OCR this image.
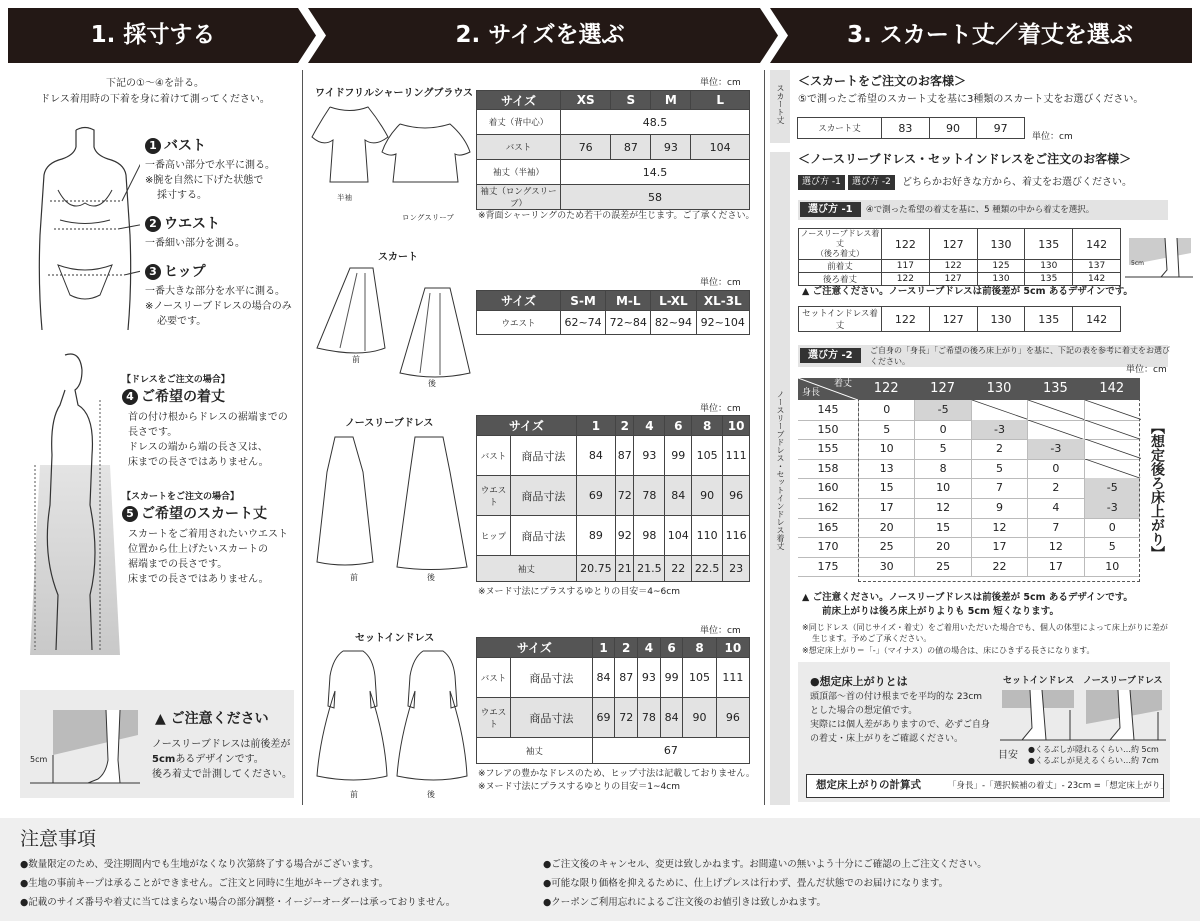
1. 採寸する	2. サイズを選ぶ	3. スカート丈／着丈を選ぶ
下記の①〜④を計る。
ドレス着用時の下着を身に着けて測ってください。
1 バスト
一番高い部分で水平に測る。
※腕を自然に下げた状態で
採寸する。
2 ウエスト
一番細い部分を測る。
3 ヒップ
一番大きな部分を水平に測る。
※ノースリーブドレスの場合のみ
必要です。
【ドレスをご注文の場合】
4 ご希望の着丈
首の付け根からドレスの裾端までの
長さです。
ドレスの端から端の長さ又は、
床までの長さではありません。
【スカートをご注文の場合】
5 ご希望のスカート丈
スカートをご着用されたいウエスト
位置から仕上げたいスカートの
裾端までの長さです。
床までの長さではありません。
5cm
▲ ご注意ください
ノースリーブドレスは前後差が
5cmあるデザインです。
後ろ着丈で計測してください。
ワイドフリルシャーリングブラウス
半袖
ロングスリーブ
単位：cm
サイズ	XS	S	M	L
着丈（背中心）	48.5			
バスト	76	87	93	104
袖丈（半袖）	14.5			
袖丈（ロングスリーブ）	58			
※背面シャーリングのため若干の誤差が生じます。ご了承ください。
スカート
前
後
単位：cm
サイズ	S-M	M-L	L-XL	XL-3L
ウエスト	62~74	72~84	82~94	92~104
ノースリーブドレス
前	後
単位：cm
サイズ		1	2	4	6	8	10
バスト	商品寸法	84	87	93	99	105	111
ウエスト	商品寸法	69	72	78	84	90	96
ヒップ	商品寸法	89	92	98	104	110	116
袖丈		20.75	21	21.5	22	22.5	23
※ヌード寸法にプラスするゆとりの目安＝4~6cm
セットインドレス
前	後
単位：cm
サイズ		1	2	4	6	8	10
バスト	商品寸法	84	87	93	99	105	111
ウエスト	商品寸法	69	72	78	84	90	96
袖丈		67					
※フレアの豊かなドレスのため、ヒップ寸法は記載しておりません。
※ヌード寸法にプラスするゆとりの目安＝1~4cm
スカート丈
ノースリーブドレス・セットインドレス着丈
＜スカートをご注文のお客様＞
⑤で測ったご希望のスカート丈を基に3種類のスカート丈をお選びください。
スカート丈	83	90	97
単位：cm
＜ノースリーブドレス・セットインドレスをご注文のお客様＞
選び方 -1	選び方 -2	どちらかお好きな方から、着丈をお選びください。
選び方 -1	④で測った希望の着丈を基に、5 種類の中から着丈を選択。
ノースリーブドレス着丈
（後ろ着丈）	122	127	130	135	142
前着丈	117	122	125	130	137
後ろ着丈	122	127	130	135	142
5cm
▲ ご注意ください。ノースリーブドレスは前後差が 5cm あるデザインです。
セットインドレス着丈	122	127	130	135	142
選び方 -2	ご自身の「身長」「ご希望の後ろ床上がり」を基に、下記の表を参考に着丈をお選び
ください。
単位：cm
着丈
身長	122	127	130	135	142
145	0	-5
150	5	0	-3
155	10	5	2	-3
158	13	8	5	0
160	15	10	7	2	-5
162	17	12	9	4	-3
165	20	15	12	7	0
170	25	20	17	12	5
175	30	25	22	17	10
【想定後ろ床上がり】
▲ ご注意ください。ノースリーブドレスは前後差が 5cm あるデザインです。
前床上がりは後ろ床上がりよりも 5cm 短くなります。
※同じドレス（同じサイズ・着丈）をご着用いただいた場合でも、個人の体型によって床上がりに差が
生じます。予めご了承ください。
※想定床上がり＝「-」（マイナス）の値の場合は、床にひきずる長さになります。
●想定床上がりとは
頭頂部〜首の付け根までを平均的な 23cm
とした場合の想定値です。
実際には個人差がありますので、必ずご自身
の着丈・床上がりをご確認ください。
セットインドレス ノースリーブドレス
目安
●くるぶしが隠れるくらい…約 5cm
●くるぶしが見えるくらい…約 7cm
想定床上がりの計算式	「身長」-「選択候補の着丈」- 23cm =「想定床上がり」
注意事項
●数量限定のため、受注期間内でも生地がなくなり次第終了する場合がございます。
●生地の事前キープは承ることができません。ご注文と同時に生地がキープされます。
●記載のサイズ番号や着丈に当てはまらない場合の部分調整・イージーオーダーは承っておりません。
●ご注文後のキャンセル、変更は致しかねます。お間違いの無いよう十分にご確認の上ご注文ください。
●可能な限り価格を抑えるために、仕上げプレスは行わず、畳んだ状態でのお届けになります。
●クーポンご利用忘れによるご注文後のお値引きは致しかねます。
